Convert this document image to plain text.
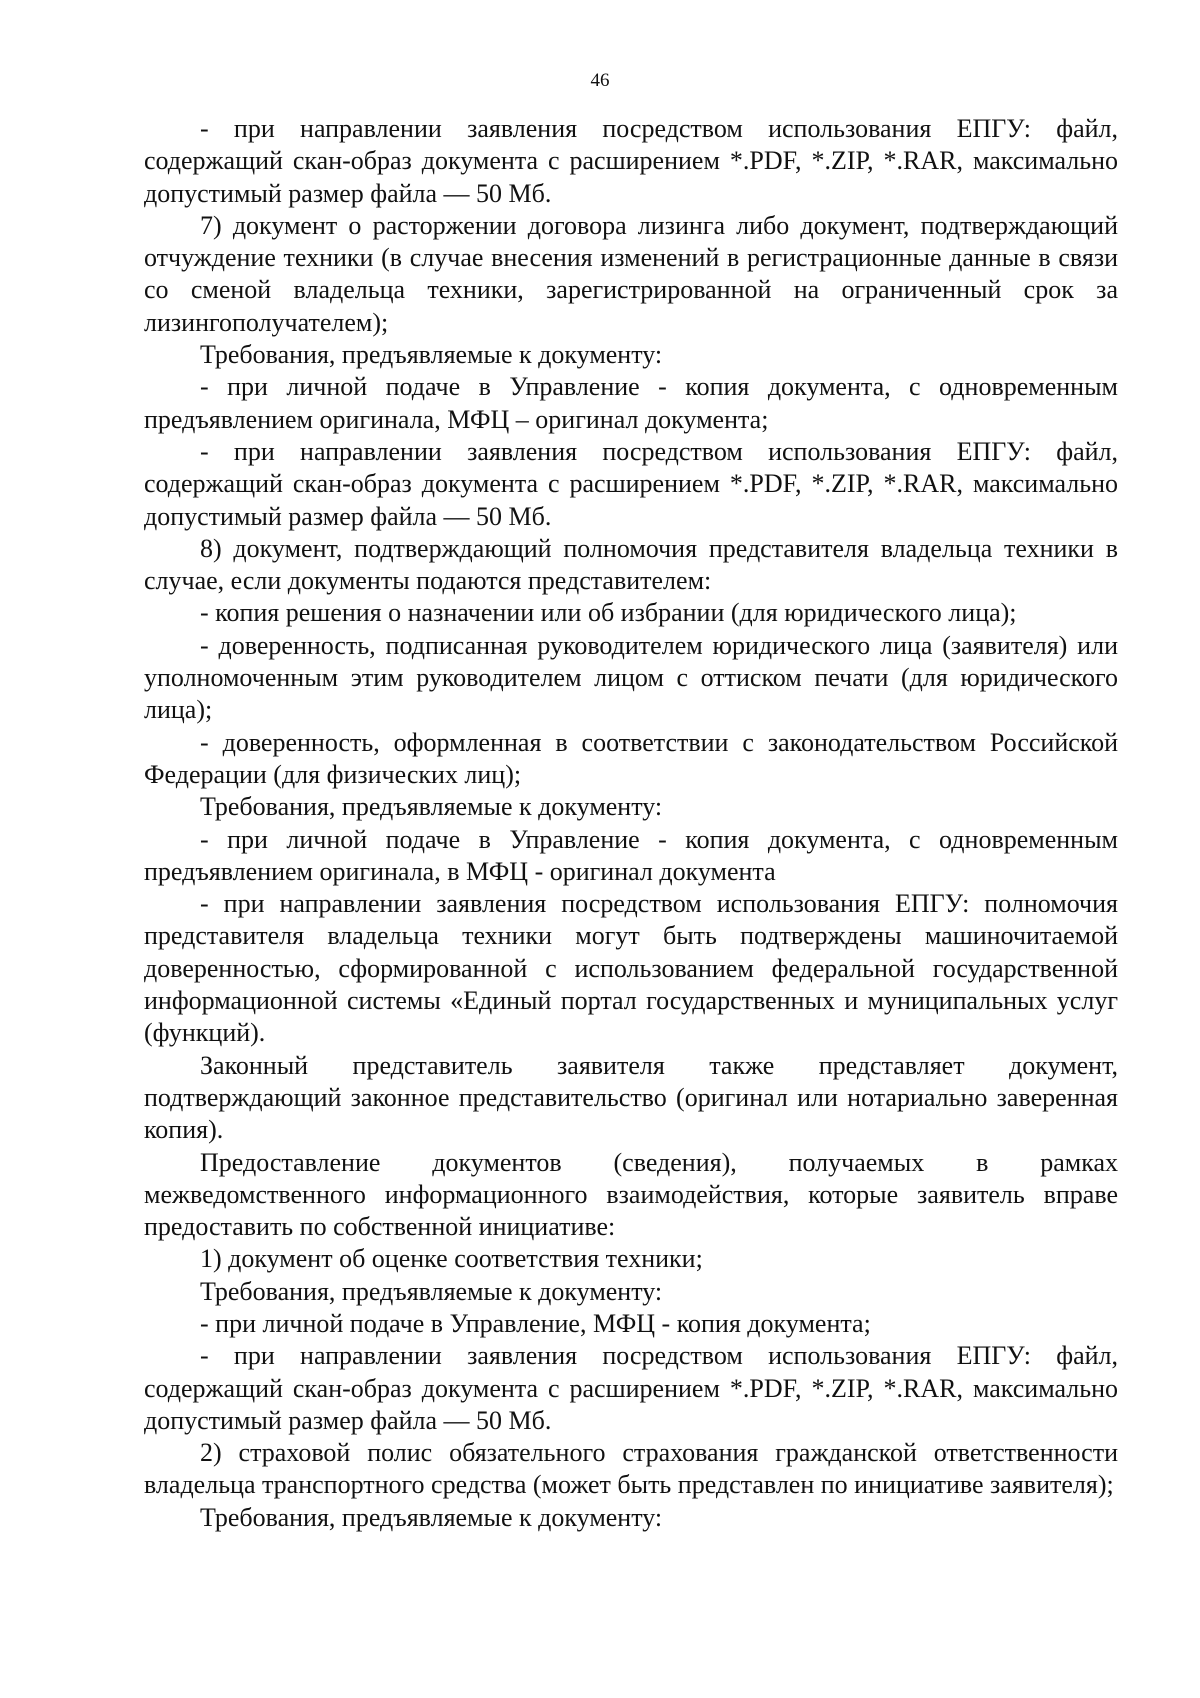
46

- при направлении заявления посредством использования ЕПГУ: файл, содержащий скан-образ документа с расширением *.PDF, *.ZIP, *.RAR, максимально допустимый размер файла — 50 Мб.

7) документ о расторжении договора лизинга либо документ, подтверждающий отчуждение техники (в случае внесения изменений в регистрационные данные в связи со сменой владельца техники, зарегистрированной на ограниченный срок за лизингополучателем);

Требования, предъявляемые к документу:

- при личной подаче в Управление - копия документа, с одновременным предъявлением оригинала, МФЦ – оригинал документа;

- при направлении заявления посредством использования ЕПГУ: файл, содержащий скан-образ документа с расширением *.PDF, *.ZIP, *.RAR, максимально допустимый размер файла — 50 Мб.

8) документ, подтверждающий полномочия представителя владельца техники в случае, если документы подаются представителем:

- копия решения о назначении или об избрании (для юридического лица);

- доверенность, подписанная руководителем юридического лица (заявителя) или уполномоченным этим руководителем лицом с оттиском печати (для юридического лица);

- доверенность, оформленная в соответствии с законодательством Российской Федерации (для физических лиц);

Требования, предъявляемые к документу:

- при личной подаче в Управление - копия документа, с одновременным предъявлением оригинала, в МФЦ - оригинал документа

- при направлении заявления посредством использования ЕПГУ: полномочия представителя владельца техники могут быть подтверждены машиночитаемой доверенностью, сформированной с использованием федеральной государственной информационной системы «Единый портал государственных и муниципальных услуг (функций).

Законный представитель заявителя также представляет документ, подтверждающий законное представительство (оригинал или нотариально заверенная копия).

Предоставление документов (сведения), получаемых в рамках межведомственного информационного взаимодействия, которые заявитель вправе предоставить по собственной инициативе:

1) документ об оценке соответствия техники;

Требования, предъявляемые к документу:

- при личной подаче в Управление, МФЦ - копия документа;

- при направлении заявления посредством использования ЕПГУ: файл, содержащий скан-образ документа с расширением *.PDF, *.ZIP, *.RAR, максимально допустимый размер файла — 50 Мб.

2) страховой полис обязательного страхования гражданской ответственности владельца транспортного средства (может быть представлен по инициативе заявителя);

Требования, предъявляемые к документу:
